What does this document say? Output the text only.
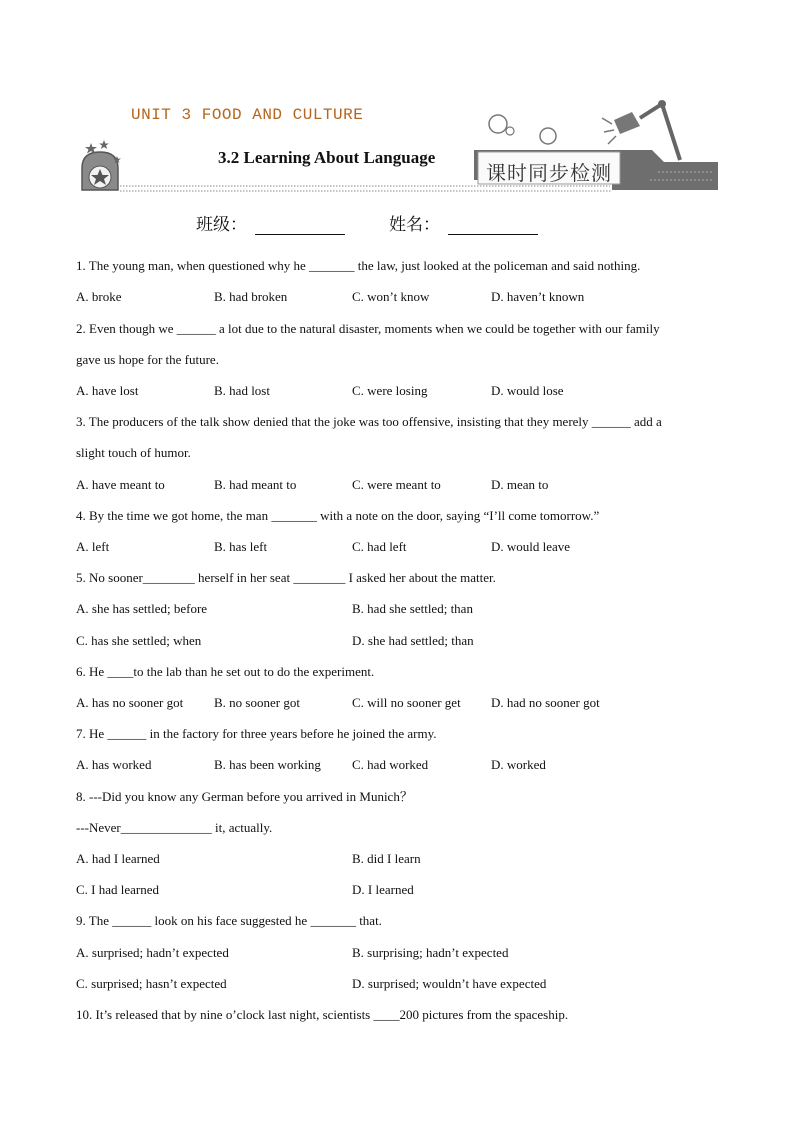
UNIT 3 FOOD AND CULTURE
3.2 Learning About Language
课时同步检测
班级：	姓名：
1. The young man, when questioned why he _______ the law, just looked at the policeman and said nothing.
A. broke	B. had broken	C. won’t know	D. haven’t known
2. Even though we ______ a lot due to the natural disaster, moments when we could be together with our family
gave us hope for the future.
A. have lost	B. had lost	C. were losing	D. would lose
3. The producers of the talk show denied that the joke was too offensive, insisting that they merely ______ add a
slight touch of humor.
A. have meant to	B. had meant to	C. were meant to	D. mean to
4. By the time we got home, the man _______ with a note on the door, saying “I’ll come tomorrow.”
A. left	B. has left	C. had left	D. would leave
5. No sooner________ herself in her seat ________ I asked her about the matter.
A. she has settled; before	B. had she settled; than
C. has she settled; when	D. she had settled; than
6. He ____to the lab than he set out to do the experiment.
A. has no sooner got B. no sooner got	C. will no sooner get D. had no sooner got
7. He ______ in the factory for three years before he joined the army.
A. has worked	B. has been working C. had worked	D. worked
8. ---Did you know any German before you arrived in Munich？
---Never______________ it, actually.
A. had I learned	B. did I learn
C. I had learned	D. I learned
9. The ______ look on his face suggested he _______ that.
A. surprised; hadn’t expected	B. surprising; hadn’t expected
C. surprised; hasn’t expected	D. surprised; wouldn’t have expected
10. It’s released that by nine o’clock last night, scientists ____200 pictures from the spaceship.
